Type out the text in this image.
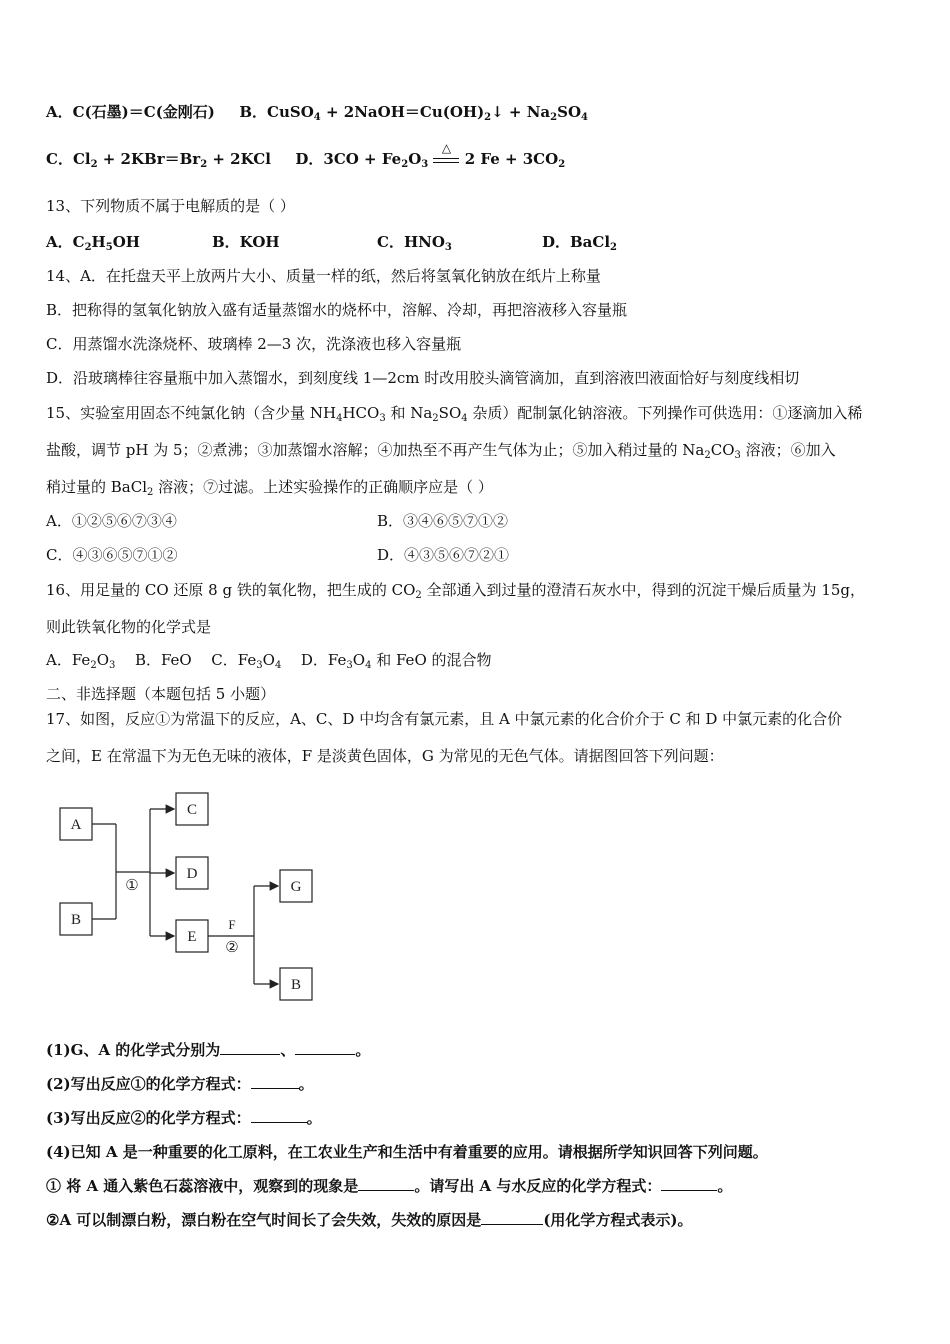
A．C(石墨)＝C(金刚石) B．CuSO$_4$ + $2NaOH=Cu(OH)_2↓ + Na_2SO_4$
C．$Cl_2 + 2KBr=Br_2 + 2KCl$ D．$3CO + Fe_2O_3$
△
2 $Fe + 3CO_2$
13、下列物质不属于电解质的是（ ）
A．$C_2H_5OH$	B．KOH	C．$HNO_3$	D．BaCl$_2$
14、A．在托盘天平上放两片大小、质量一样的纸，然后将氢氧化钠放在纸片上称量
B．把称得的氢氧化钠放入盛有适量蒸馏水的烧杯中，溶解、冷却，再把溶液移入容量瓶
C．用蒸馏水洗涤烧杯、玻璃棒 2—3 次，洗涤液也移入容量瓶
D．沿玻璃棒往容量瓶中加入蒸馏水，到刻度线 1—2cm 时改用胶头滴管滴加，直到溶液凹液面恰好与刻度线相切
15、实验室用固态不纯氯化钠（含少量 $NH_4HCO_3$ 和 $Na_2SO_4$ 杂质）配制氯化钠溶液。下列操作可供选用：①逐滴加入稀
盐酸，调节 pH 为 5；②煮沸；③加蒸馏水溶解；④加热至不再产生气体为止；⑤加入稍过量的 $Na_2CO_3$ 溶液；⑥加入
稍过量的 BaCl$_2$ 溶液；⑦过滤。上述实验操作的正确顺序应是（ ）
A．①②⑤⑥⑦③④	B．③④⑥⑤⑦①②
C．④③⑥⑤⑦①②	D．④③⑤⑥⑦②①
16、用足量的 CO 还原 8 g 铁的氧化物，把生成的 $CO_2$ 全部通入到过量的澄清石灰水中，得到的沉淀干燥后质量为 15g，
则此铁氧化物的化学式是
A．$Fe_2O_3$ B．FeO C．$Fe_3O_4$ D．$Fe_3O_4$ 和 FeO 的混合物
二、非选择题（本题包括 5 小题）
17、如图，反应①为常温下的反应，A、C、D 中均含有氯元素，且 A 中氯元素的化合价介于 C 和 D 中氯元素的化合价
之间，E 在常温下为无色无味的液体，F 是淡黄色固体，G 为常见的无色气体。请据图回答下列问题：
A
B
C
D
E
G
B
①
F
②
(1)G、A 的化学式分别为	、	。
(2)写出反应①的化学方程式：	。
(3)写出反应②的化学方程式：	。
(4)已知 A 是一种重要的化工原料，在工农业生产和生活中有着重要的应用。请根据所学知识回答下列问题。
① 将 A 通入紫色石蕊溶液中，观察到的现象是	。请写出 A 与水反应的化学方程式：	。
②A 可以制漂白粉，漂白粉在空气时间长了会失效，失效的原因是	(用化学方程式表示)。
